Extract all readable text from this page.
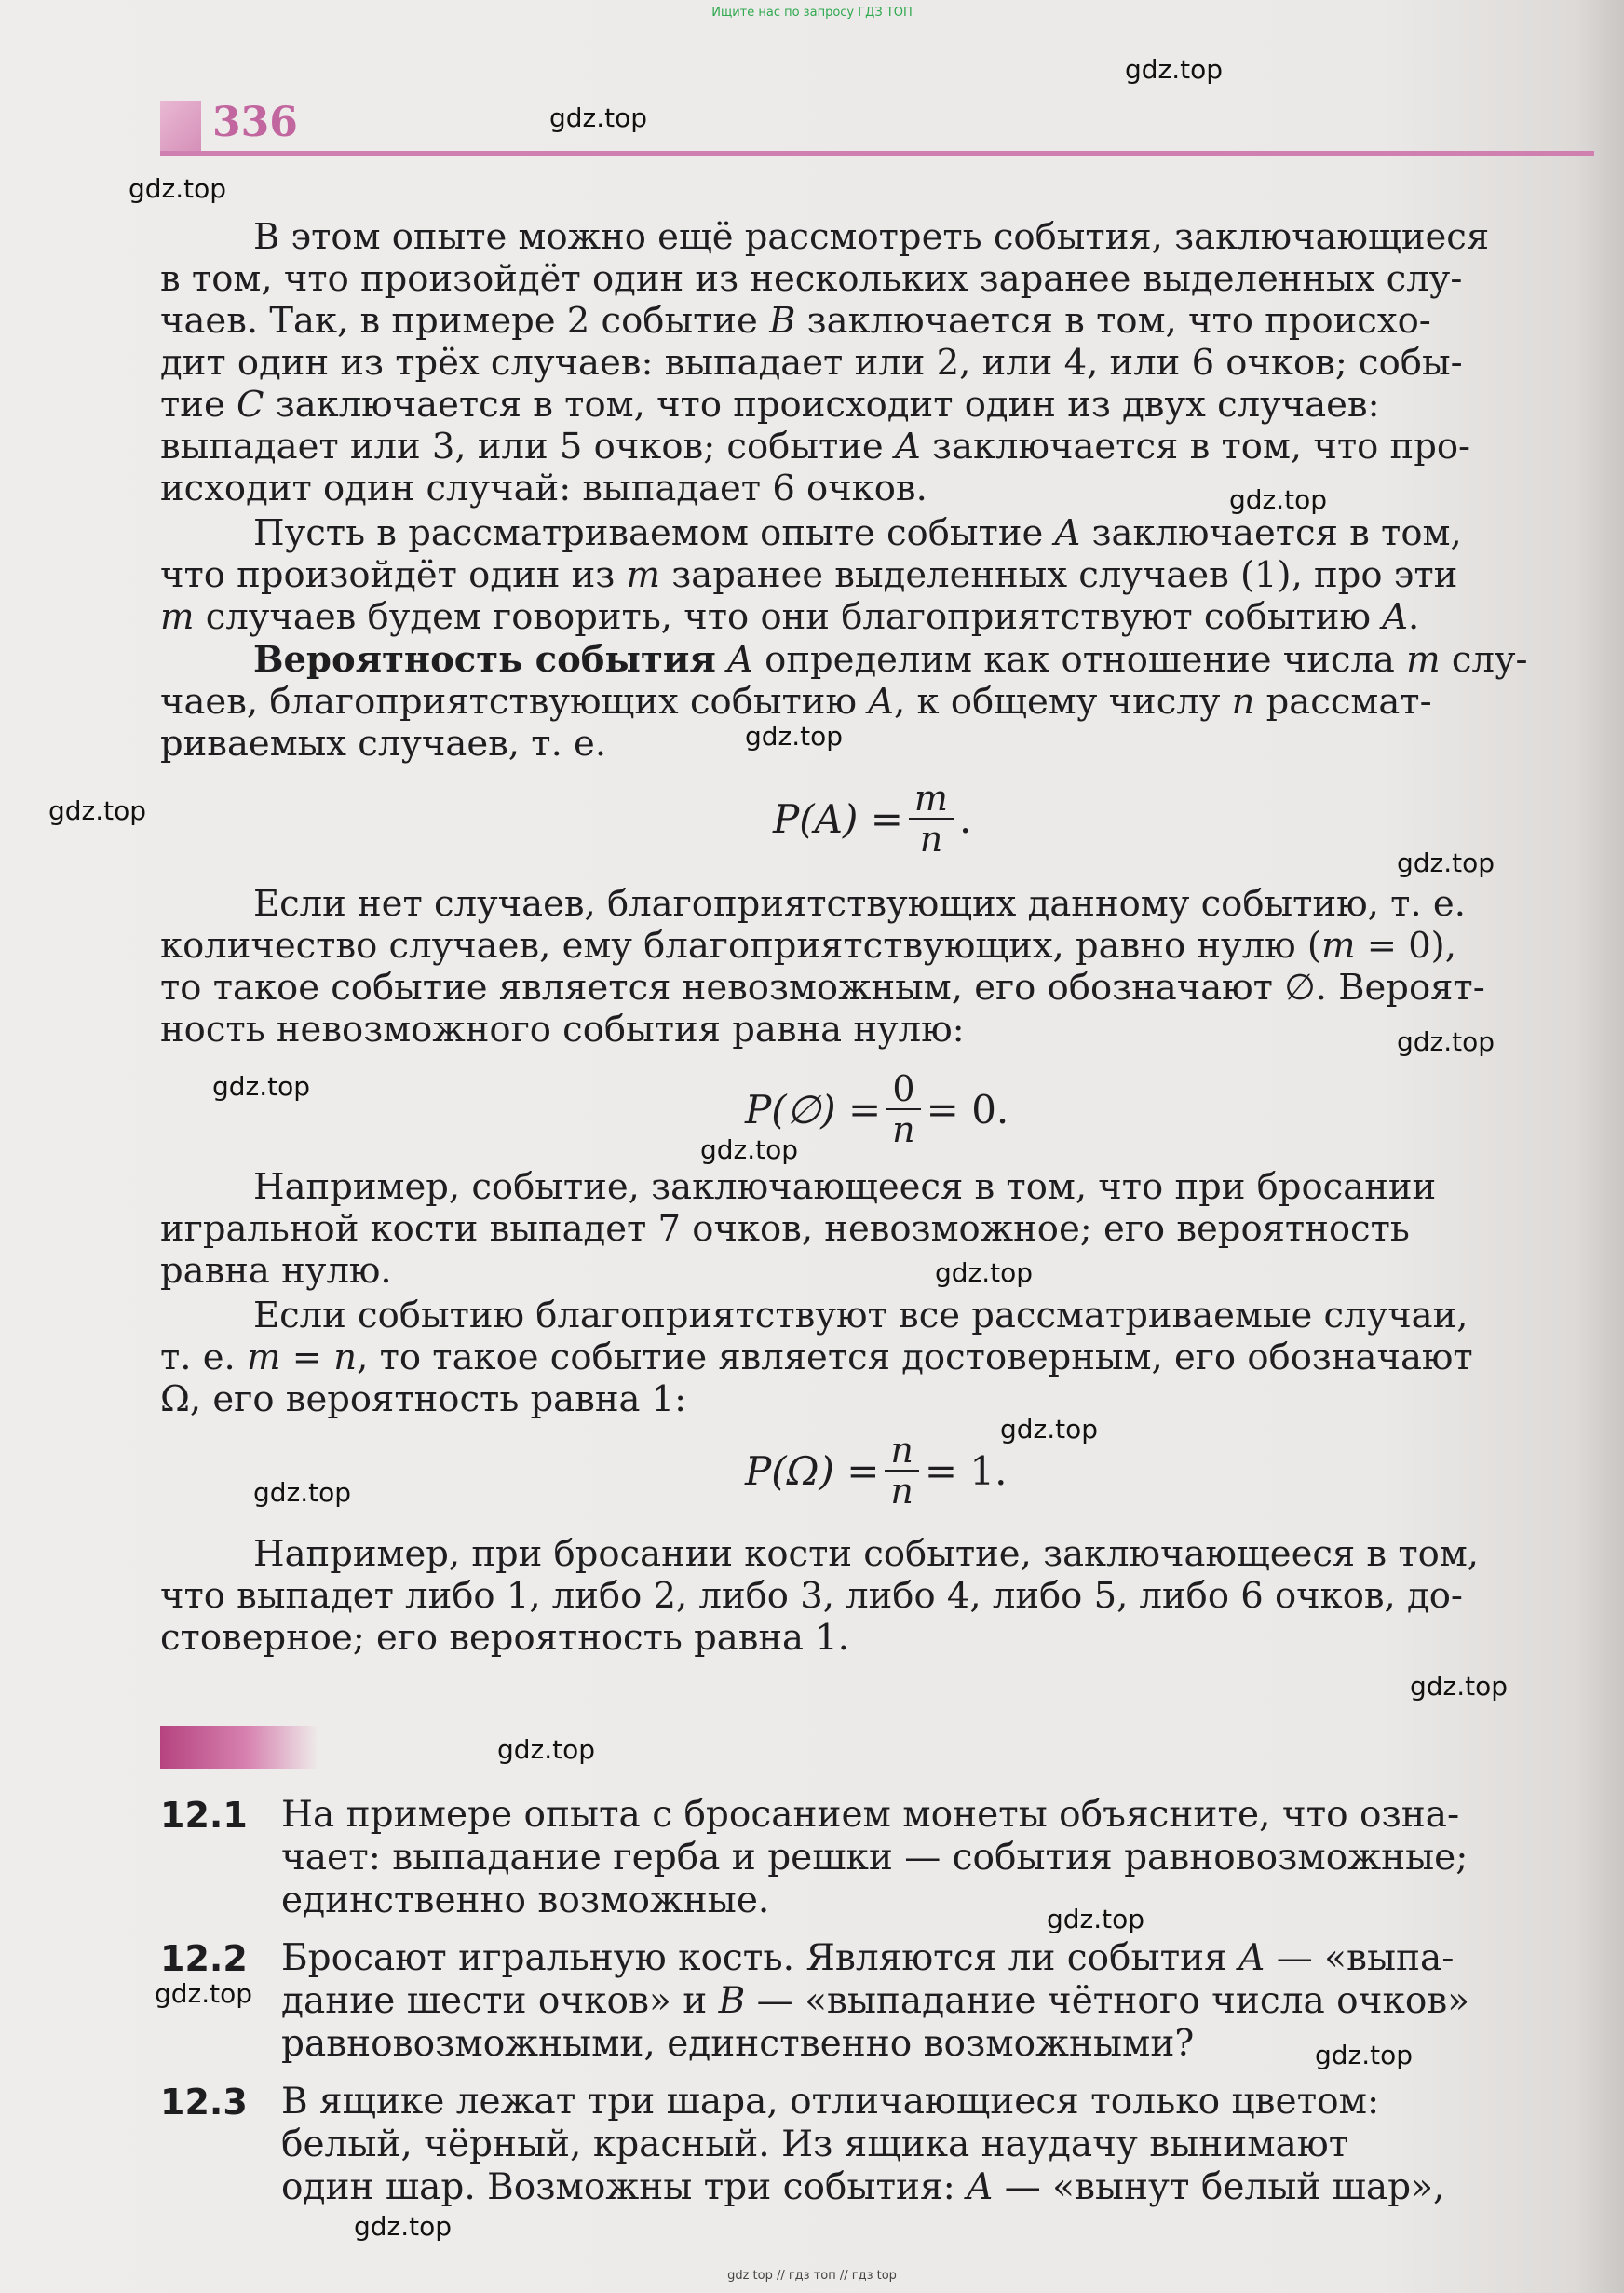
Ищите нас по запросу ГДЗ ТОП
336

В этом опыте можно ещё рассмотреть события, заключающиеся

в том, что произойдёт один из нескольких заранее выделенных слу-

чаев. Так, в примере 2 событие B заключается в том, что происхо-

дит один из трёх случаев: выпадает или 2, или 4, или 6 очков; собы-

тие C заключается в том, что происходит один из двух случаев:

выпадает или 3, или 5 очков; событие A заключается в том, что про-

исходит один случай: выпадает 6 очков.

Пусть в рассматриваемом опыте событие A заключается в том,

что произойдёт один из m заранее выделенных случаев (1), про эти

m случаев будем говорить, что они благоприятствуют событию A.

Вероятность события A определим как отношение числа m слу-

чаев, благоприятствующих событию A, к общему числу n рассмат-

риваемых случаев, т. е.

$P(A) = \frac{m}{n}$ .

Если нет случаев, благоприятствующих данному событию, т. е.

количество случаев, ему благоприятствующих, равно нулю (m = 0),

то такое событие является невозможным, его обозначают ∅. Вероят-

ность невозможного события равна нулю:

P(∅) = $\frac{0}{n} = 0$.

Например, событие, заключающееся в том, что при бросании

игральной кости выпадет 7 очков, невозможное; его вероятность

равна нулю.

Если событию благоприятствуют все рассматриваемые случаи,

т. е. m = n, то такое событие является достоверным, его обозначают

Ω, его вероятность равна 1:

$P(\Omega) = \frac{n}{n} = 1$.

Например, при бросании кости событие, заключающееся в том,

что выпадет либо 1, либо 2, либо 3, либо 4, либо 5, либо 6 очков, до-

стоверное; его вероятность равна 1.

12.1 На примере опыта с бросанием монеты объясните, что озна-
чает: выпадание герба и решки — события равновозможные;
единственно возможные.
12.2 Бросают игральную кость. Являются ли события A — «выпа-
дание шести очков» и B — «выпадание чётного числа очков»
равновозможными, единственно возможными?
12.3 В ящике лежат три шара, отличающиеся только цветом:
белый, чёрный, красный. Из ящика наудачу вынимают
один шар. Возможны три события: A — «вынут белый шар»,
gdz.top
gdz.top
gdz.top
gdz.top
gdz.top
gdz.top
gdz.top
gdz.top
gdz.top
gdz.top
gdz.top
gdz.top
gdz.top
gdz.top
gdz.top
gdz.top
gdz.top
gdz.top
gdz.top
gdz top // гдз топ // гдз top
